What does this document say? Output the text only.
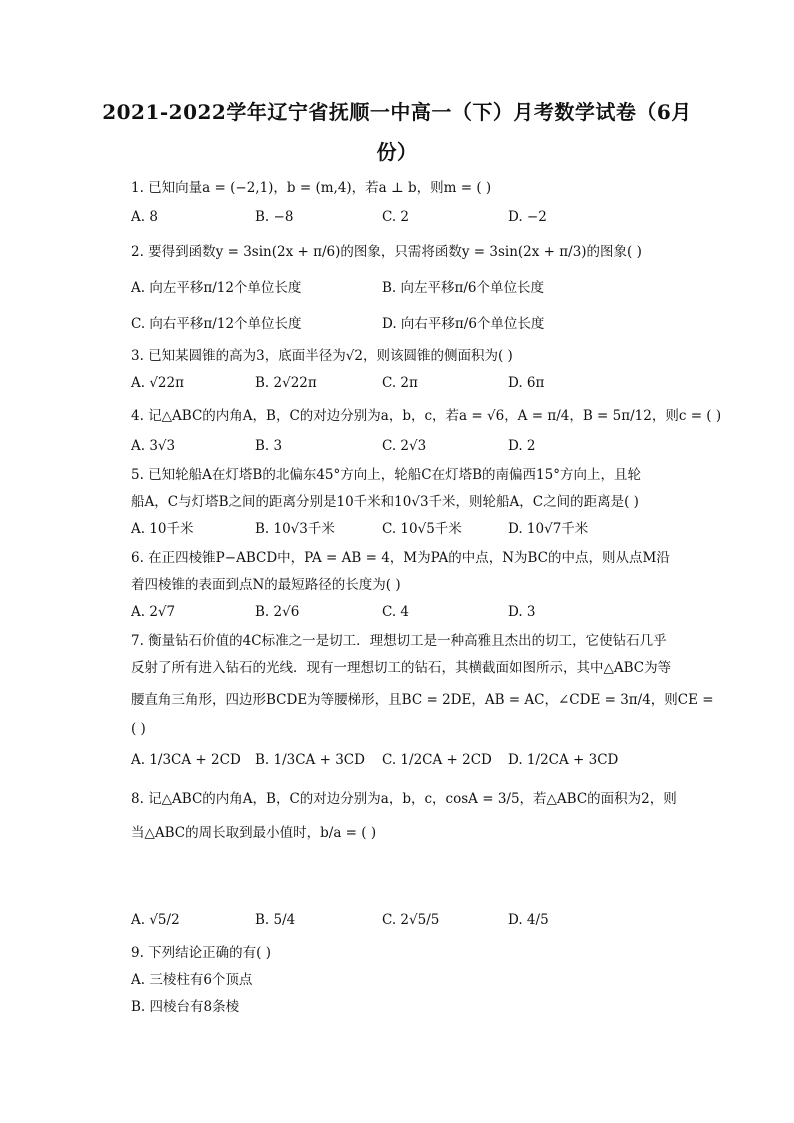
2021-2022学年辽宁省抚顺一中高一（下）月考数学试卷（6月
份）
1. 已知向量a = (−2,1)，b = (m,4)，若a ⊥ b，则m = ( )
A. 8	B. −8	C. 2	D. −2
2. 要得到函数y = 3sin(2x + π/6)的图象，只需将函数y = 3sin(2x + π/3)的图象( )
A. 向左平移π/12个单位长度	B. 向左平移π/6个单位长度
C. 向右平移π/12个单位长度	D. 向右平移π/6个单位长度
3. 已知某圆锥的高为3，底面半径为√2，则该圆锥的侧面积为( )
A. √22π	B. 2√22π	C. 2π	D. 6π
4. 记△ABC的内角A，B，C的对边分别为a，b，c，若a = √6，A = π/4，B = 5π/12，则c = ( )
A. 3√3	B. 3	C. 2√3	D. 2
5. 已知轮船A在灯塔B的北偏东45°方向上，轮船C在灯塔B的南偏西15°方向上，且轮
船A，C与灯塔B之间的距离分别是10千米和10√3千米，则轮船A，C之间的距离是( )
A. 10千米	B. 10√3千米	C. 10√5千米	D. 10√7千米
6. 在正四棱锥P−ABCD中，PA = AB = 4，M为PA的中点，N为BC的中点，则从点M沿
着四棱锥的表面到点N的最短路径的长度为( )
A. 2√7	B. 2√6	C. 4	D. 3
7. 衡量钻石价值的4C标准之一是切工．理想切工是一种高雅且杰出的切工，它使钻石几乎
反射了所有进入钻石的光线．现有一理想切工的钻石，其横截面如图所示，其中△ABC为等
腰直角三角形，四边形BCDE为等腰梯形，且BC = 2DE，AB = AC，∠CDE = 3π/4，则CE =
( )
A. 1/3CA + 2CD B. 1/3CA + 3CD C. 1/2CA + 2CD D. 1/2CA + 3CD
8. 记△ABC的内角A，B，C的对边分别为a，b，c，cosA = 3/5，若△ABC的面积为2，则
当△ABC的周长取到最小值时，b/a = ( )
A. √5/2	B. 5/4	C. 2√5/5	D. 4/5
9. 下列结论正确的有( )
A. 三棱柱有6个顶点
B. 四棱台有8条棱
